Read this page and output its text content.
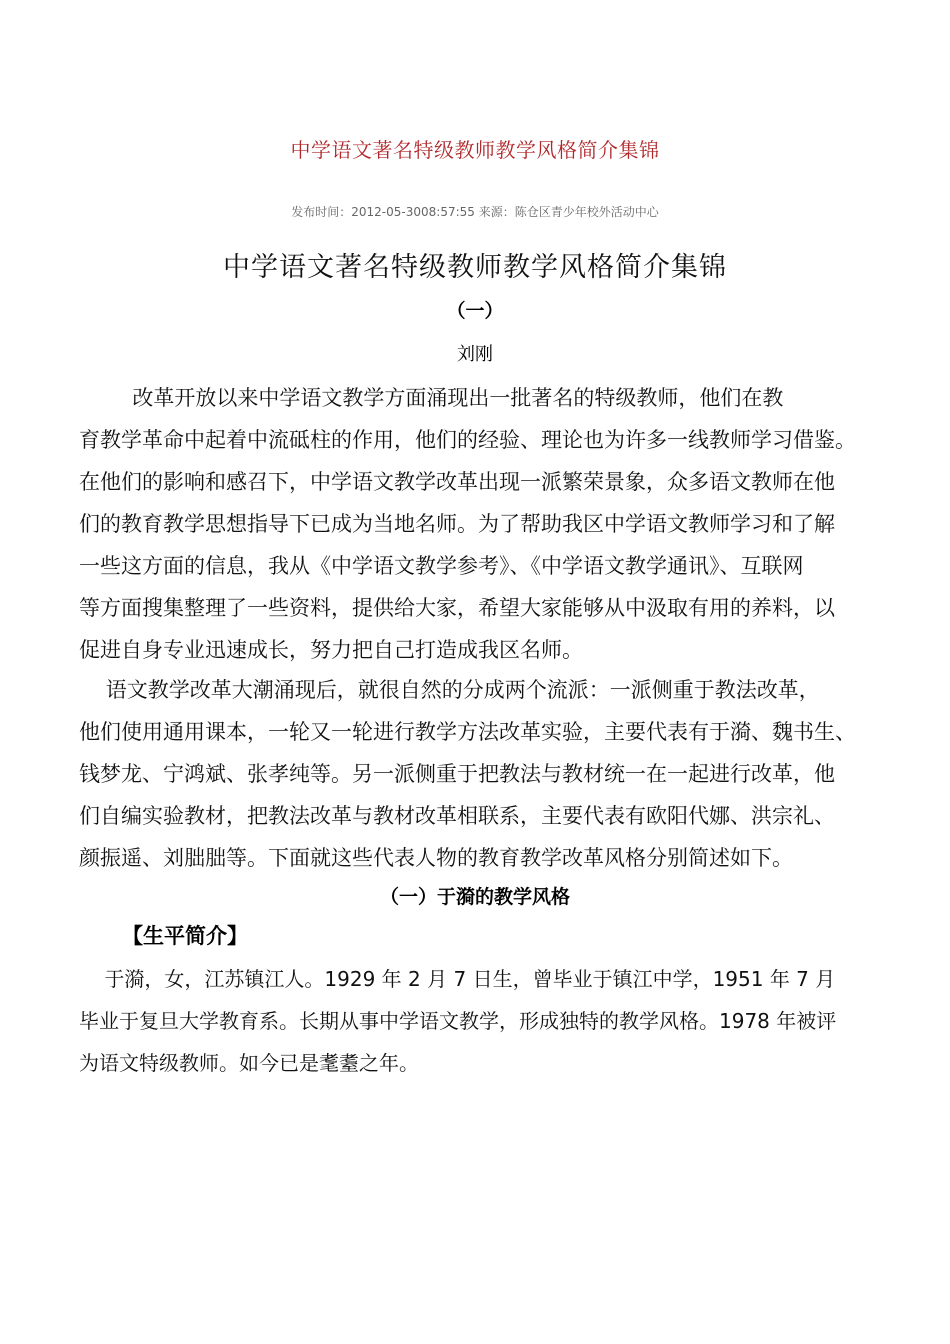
中学语文著名特级教师教学风格简介集锦
发布时间：2012-05-3008:57:55 来源：陈仓区青少年校外活动中心
中学语文著名特级教师教学风格简介集锦
（一）
刘刚
改革开放以来中学语文教学方面涌现出一批著名的特级教师，他们在教
育教学革命中起着中流砥柱的作用，他们的经验、理论也为许多一线教师学习借鉴。
在他们的影响和感召下，中学语文教学改革出现一派繁荣景象，众多语文教师在他
们的教育教学思想指导下已成为当地名师。为了帮助我区中学语文教师学习和了解
一些这方面的信息，我从《中学语文教学参考》、《中学语文教学通讯》、互联网
等方面搜集整理了一些资料，提供给大家，希望大家能够从中汲取有用的养料，以
促进自身专业迅速成长，努力把自己打造成我区名师。
语文教学改革大潮涌现后，就很自然的分成两个流派：一派侧重于教法改革，
他们使用通用课本，一轮又一轮进行教学方法改革实验，主要代表有于漪、魏书生、
钱梦龙、宁鸿斌、张孝纯等。另一派侧重于把教法与教材统一在一起进行改革，他
们自编实验教材，把教法改革与教材改革相联系，主要代表有欧阳代娜、洪宗礼、
颜振遥、刘朏朏等。下面就这些代表人物的教育教学改革风格分别简述如下。
（一）于漪的教学风格
【生平简介】
于漪，女，江苏镇江人。1929 年 2 月 7 日生，曾毕业于镇江中学，1951 年 7 月
毕业于复旦大学教育系。长期从事中学语文教学，形成独特的教学风格。1978 年被评
为语文特级教师。如今已是耄耋之年。
